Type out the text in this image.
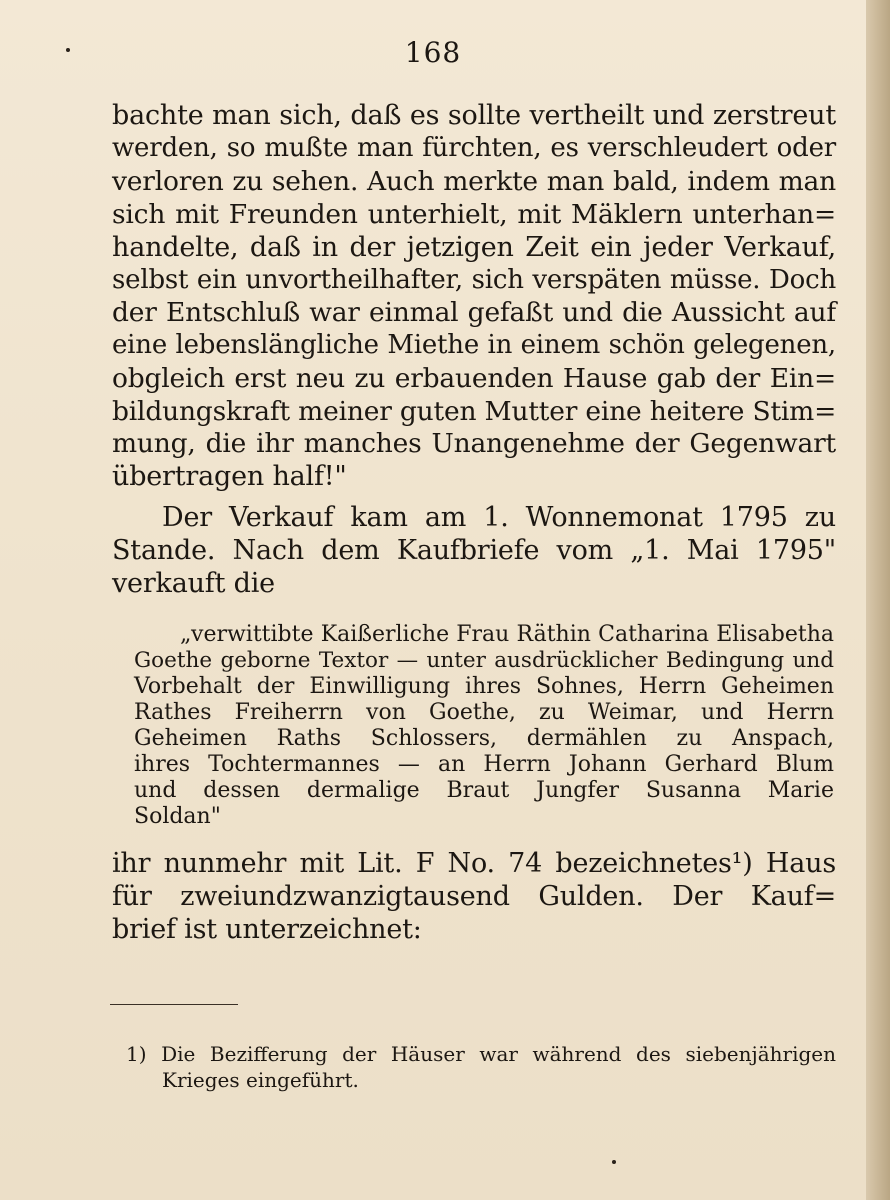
168
bachte man sich, daß es sollte vertheilt und zerstreut
werden, so mußte man fürchten, es verschleudert oder
verloren zu sehen. Auch merkte man bald, indem man
sich mit Freunden unterhielt, mit Mäklern unterhan=
handelte, daß in der jetzigen Zeit ein jeder Verkauf,
selbst ein unvortheilhafter, sich verspäten müsse. Doch
der Entschluß war einmal gefaßt und die Aussicht auf
eine lebenslängliche Miethe in einem schön gelegenen,
obgleich erst neu zu erbauenden Hause gab der Ein=
bildungskraft meiner guten Mutter eine heitere Stim=
mung, die ihr manches Unangenehme der Gegenwart
übertragen half!"
Der Verkauf kam am 1. Wonnemonat 1795 zu
Stande. Nach dem Kaufbriefe vom „1. Mai 1795"
verkauft die
„verwittibte Kaißerliche Frau Räthin Catharina Elisabetha
Goethe geborne Textor — unter ausdrücklicher Bedingung und
Vorbehalt der Einwilligung ihres Sohnes, Herrn Geheimen
Rathes Freiherrn von Goethe, zu Weimar, und Herrn
Geheimen Raths Schlossers, dermählen zu Anspach,
ihres Tochtermannes — an Herrn Johann Gerhard Blum
und dessen dermalige Braut Jungfer Susanna Marie
Soldan"
ihr nunmehr mit Lit. F No. 74 bezeichnetes¹) Haus
für zweiundzwanzigtausend Gulden. Der Kauf=
brief ist unterzeichnet:
1) Die Bezifferung der Häuser war während des siebenjährigen
Krieges eingeführt.
